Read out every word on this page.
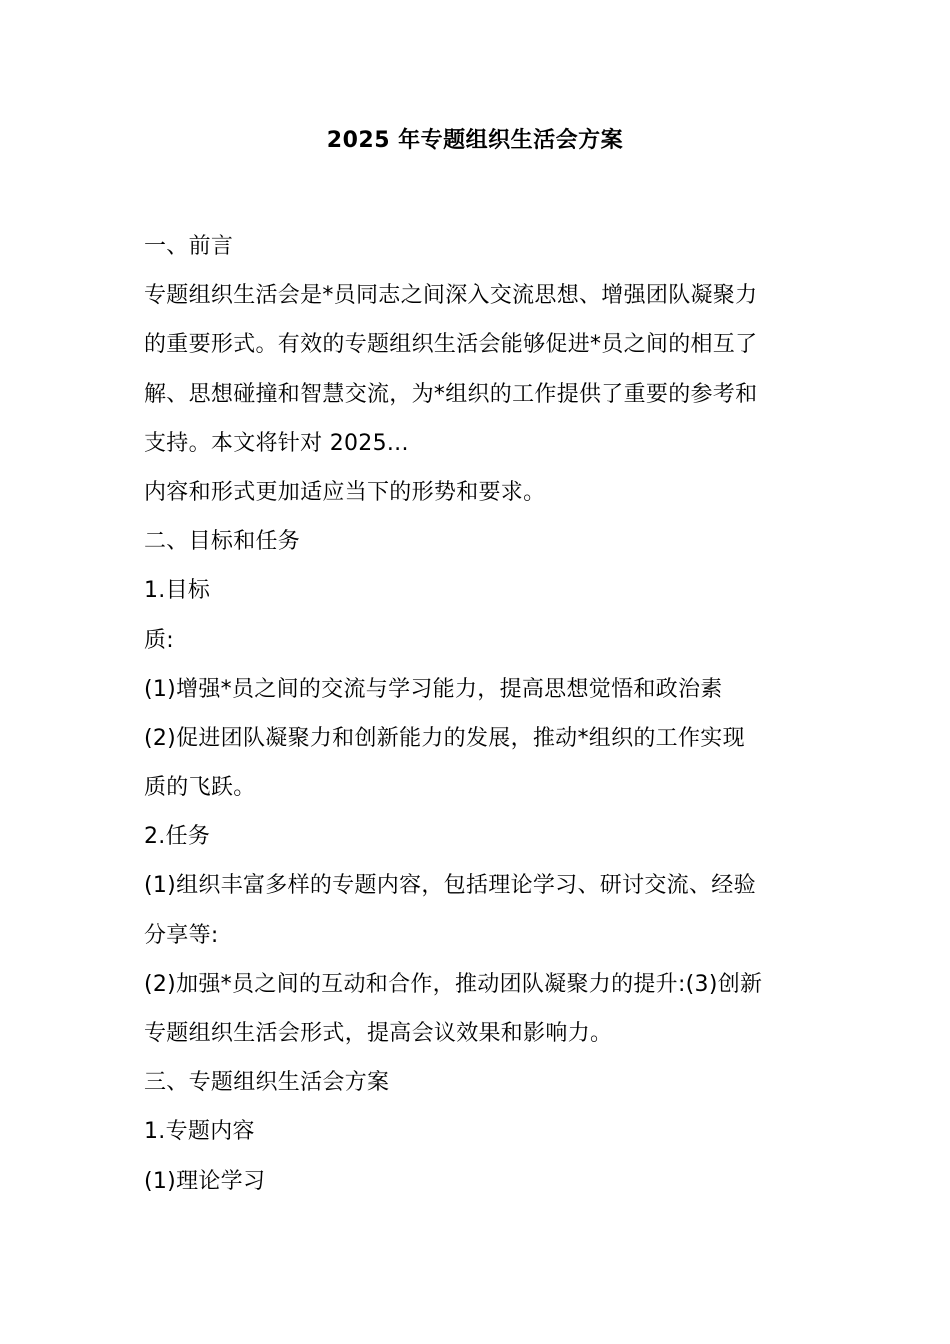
2025 年专题组织生活会方案
一、前言
专题组织生活会是*员同志之间深入交流思想、增强团队凝聚力
的重要形式。有效的专题组织生活会能够促进*员之间的相互了
解、思想碰撞和智慧交流，为*组织的工作提供了重要的参考和
支持。本文将针对 2025...
内容和形式更加适应当下的形势和要求。
二、目标和任务
1.目标
质:
(1)增强*员之间的交流与学习能力，提高思想觉悟和政治素
(2)促进团队凝聚力和创新能力的发展，推动*组织的工作实现
质的飞跃。
2.任务
(1)组织丰富多样的专题内容，包括理论学习、研讨交流、经验
分享等:
(2)加强*员之间的互动和合作，推动团队凝聚力的提升:(3)创新
专题组织生活会形式，提高会议效果和影响力。
三、专题组织生活会方案
1.专题内容
(1)理论学习
